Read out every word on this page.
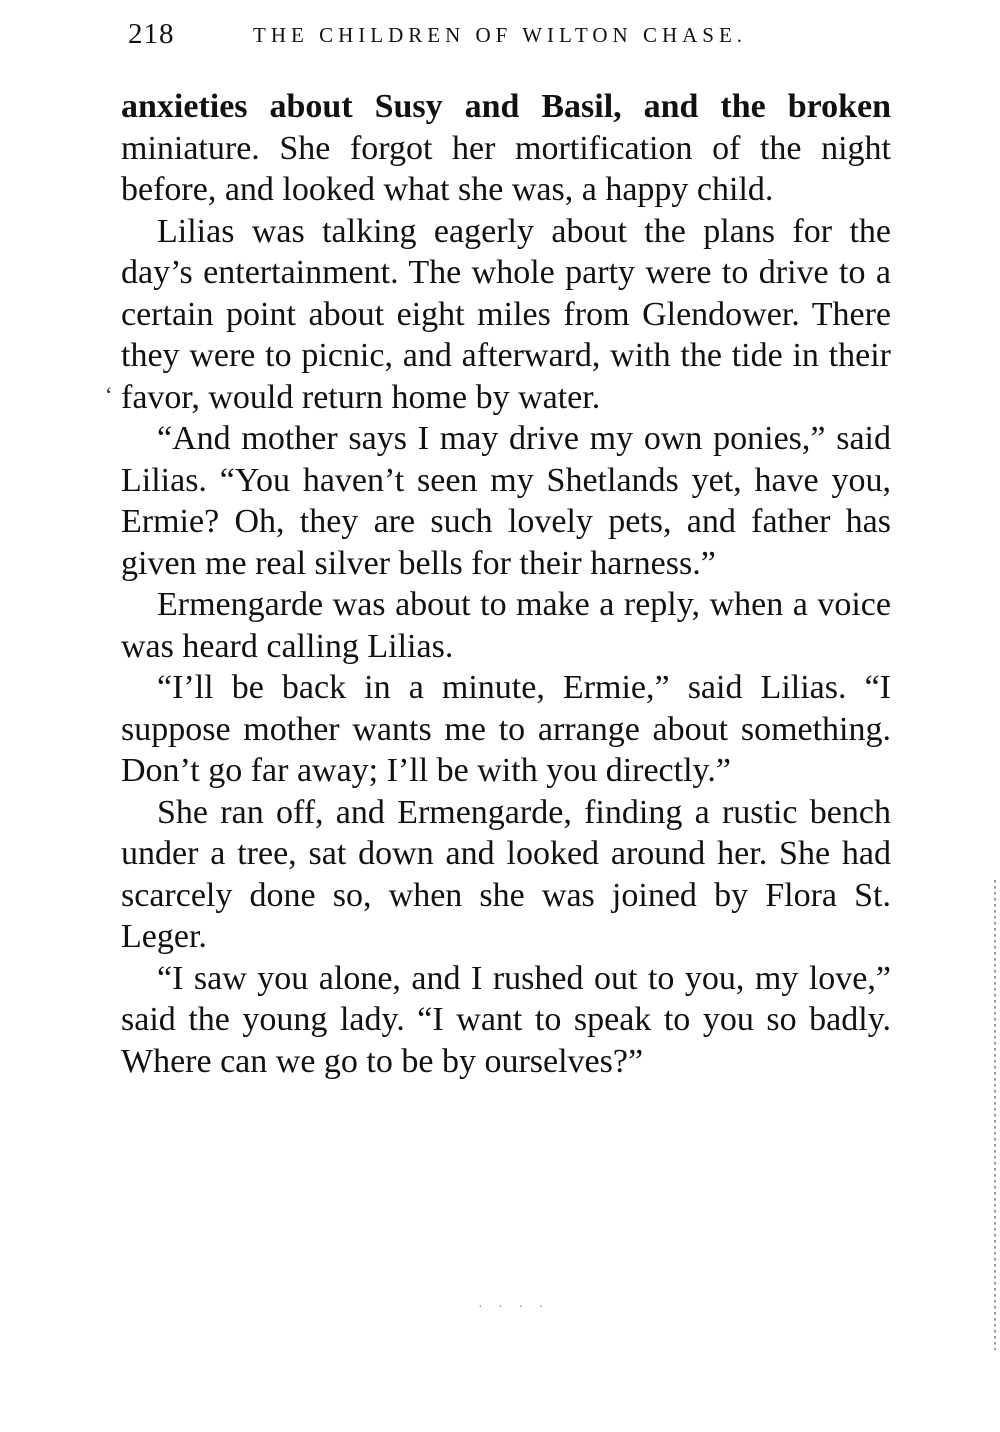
218	THE CHILDREN OF WILTON CHASE.
‘

anxieties about Susy and Basil, and the broken miniature. She forgot her mortification of the night before, and looked what she was, a happy child.

Lilias was talking eagerly about the plans for the day’s entertainment. The whole party were to drive to a certain point about eight miles from Glendower. There they were to picnic, and afterward, with the tide in their favor, would return home by water.

“And mother says I may drive my own ponies,” said Lilias. “You haven’t seen my Shetlands yet, have you, Ermie? Oh, they are such lovely pets, and father has given me real silver bells for their harness.”

Ermengarde was about to make a reply, when a voice was heard calling Lilias.

“I’ll be back in a minute, Ermie,” said Lilias. “I suppose mother wants me to arrange about something. Don’t go far away; I’ll be with you directly.”

She ran off, and Ermengarde, finding a rustic bench under a tree, sat down and looked around her. She had scarcely done so, when she was joined by Flora St. Leger.

“I saw you alone, and I rushed out to you, my love,” said the young lady. “I want to speak to you so badly. Where can we go to be by ourselves?”

· · · ·
